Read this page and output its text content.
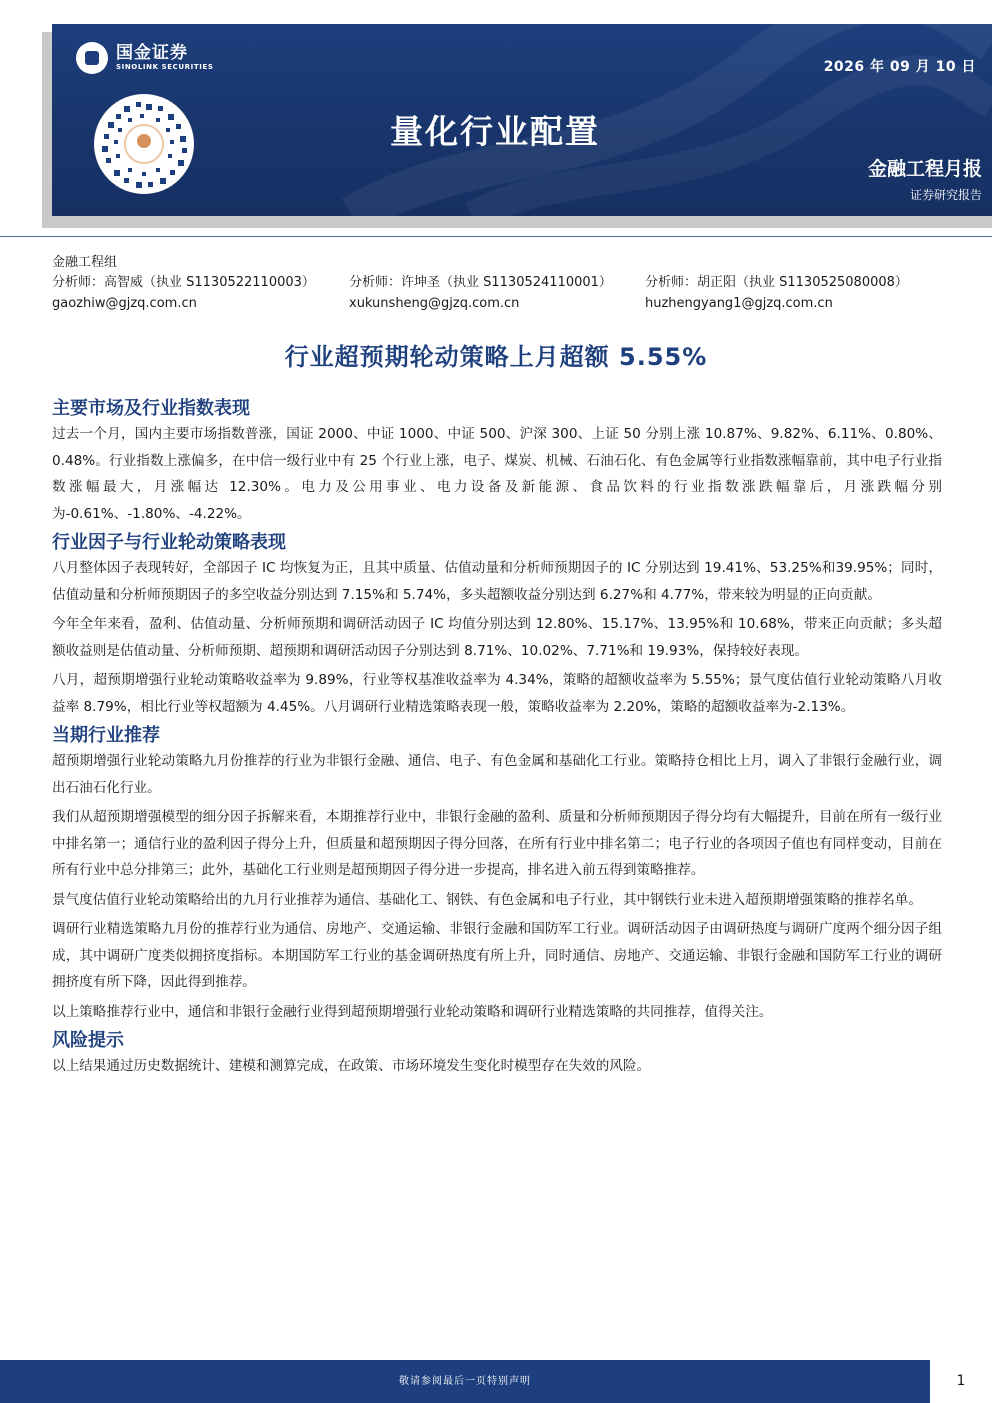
国金证券
SINOLINK SECURITIES	2026 年 09 月 10 日
量化行业配置
金融工程月报
证券研究报告
金融工程组
分析师：高智威（执业 S1130522110003）
gaozhiw@gjzq.com.cn
分析师：许坤圣（执业 S1130524110001）
xukunsheng@gjzq.com.cn
分析师：胡正阳（执业 S1130525080008）
huzhengyang1@gjzq.com.cn
行业超预期轮动策略上月超额 5.55%
主要市场及行业指数表现

过去一个月，国内主要市场指数普涨，国证 2000、中证 1000、中证 500、沪深 300、上证 50 分别上涨 10.87%、9.82%、6.11%、0.80%、0.48%。行业指数上涨偏多，在中信一级行业中有 25 个行业上涨，电子、煤炭、机械、石油石化、有色金属等行业指数涨幅靠前，其中电子行业指数涨幅最大，月涨幅达 12.30%。电力及公用事业、电力设备及新能源、食品饮料的行业指数涨跌幅靠后，月涨跌幅分别为-0.61%、-1.80%、-4.22%。

行业因子与行业轮动策略表现

八月整体因子表现转好，全部因子 IC 均恢复为正，且其中质量、估值动量和分析师预期因子的 IC 分别达到 19.41%、53.25%和39.95%；同时，估值动量和分析师预期因子的多空收益分别达到 7.15%和 5.74%，多头超额收益分别达到 6.27%和 4.77%，带来较为明显的正向贡献。

今年全年来看，盈利、估值动量、分析师预期和调研活动因子 IC 均值分别达到 12.80%、15.17%、13.95%和 10.68%，带来正向贡献；多头超额收益则是估值动量、分析师预期、超预期和调研活动因子分别达到 8.71%、10.02%、7.71%和 19.93%，保持较好表现。

八月，超预期增强行业轮动策略收益率为 9.89%，行业等权基准收益率为 4.34%，策略的超额收益率为 5.55%；景气度估值行业轮动策略八月收益率 8.79%，相比行业等权超额为 4.45%。八月调研行业精选策略表现一般，策略收益率为 2.20%，策略的超额收益率为-2.13%。

当期行业推荐

超预期增强行业轮动策略九月份推荐的行业为非银行金融、通信、电子、有色金属和基础化工行业。策略持仓相比上月，调入了非银行金融行业，调出石油石化行业。

我们从超预期增强模型的细分因子拆解来看，本期推荐行业中，非银行金融的盈利、质量和分析师预期因子得分均有大幅提升，目前在所有一级行业中排名第一；通信行业的盈利因子得分上升，但质量和超预期因子得分回落，在所有行业中排名第二；电子行业的各项因子值也有同样变动，目前在所有行业中总分排第三；此外，基础化工行业则是超预期因子得分进一步提高，排名进入前五得到策略推荐。

景气度估值行业轮动策略给出的九月行业推荐为通信、基础化工、钢铁、有色金属和电子行业，其中钢铁行业未进入超预期增强策略的推荐名单。

调研行业精选策略九月份的推荐行业为通信、房地产、交通运输、非银行金融和国防军工行业。调研活动因子由调研热度与调研广度两个细分因子组成，其中调研广度类似拥挤度指标。本期国防军工行业的基金调研热度有所上升，同时通信、房地产、交通运输、非银行金融和国防军工行业的调研拥挤度有所下降，因此得到推荐。

以上策略推荐行业中，通信和非银行金融行业得到超预期增强行业轮动策略和调研行业精选策略的共同推荐，值得关注。

风险提示

以上结果通过历史数据统计、建模和测算完成，在政策、市场环境发生变化时模型存在失效的风险。

敬请参阅最后一页特别声明	1
